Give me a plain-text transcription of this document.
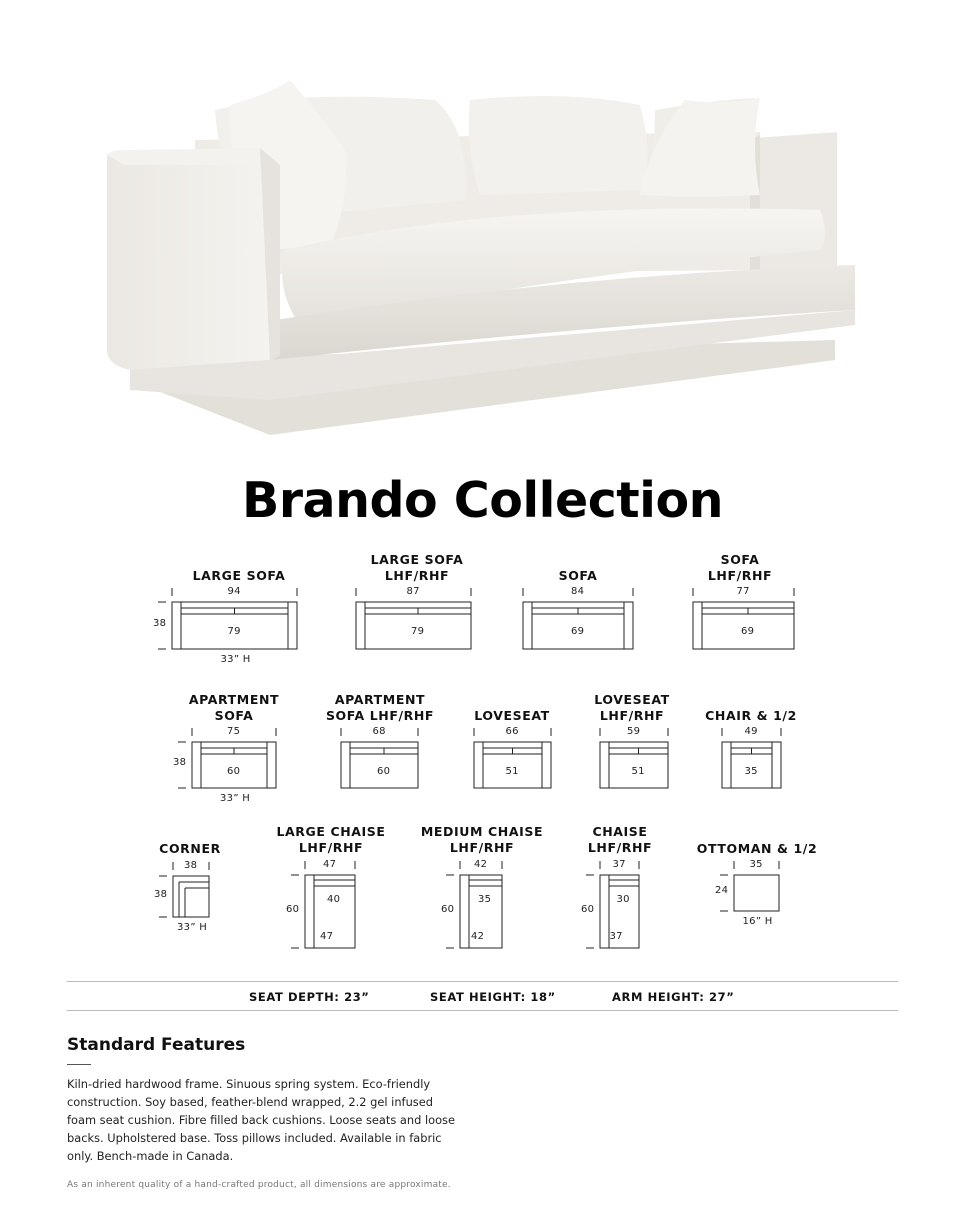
Brando Collection
LARGE SOFA
94
79
38
33” H
LARGE SOFA
LHF/RHF
87
79
SOFA
84
69
SOFA
LHF/RHF
77
69
APARTMENT
SOFA
75
60
38
33” H
APARTMENT
SOFA LHF/RHF
68
60
LOVESEAT
66
51
LOVESEAT
LHF/RHF
59
51
CHAIR & 1/2
49
35
CORNER
38
38
33” H
LARGE CHAISE
LHF/RHF
47
40
47
60
MEDIUM CHAISE
LHF/RHF
42
35
42
60
CHAISE
LHF/RHF
37
30
37
60
OTTOMAN & 1/2
35
24
16” H
SEAT DEPTH: 23”	SEAT HEIGHT: 18”	ARM HEIGHT: 27”
Standard Features
Kiln-dried hardwood frame. Sinuous spring system. Eco-friendly construction. Soy based, feather-blend wrapped, 2.2 gel infused foam seat cushion. Fibre filled back cushions. Loose seats and loose backs. Upholstered base. Toss pillows included. Available in fabric only. Bench-made in Canada.
As an inherent quality of a hand-crafted product, all dimensions are approximate.
